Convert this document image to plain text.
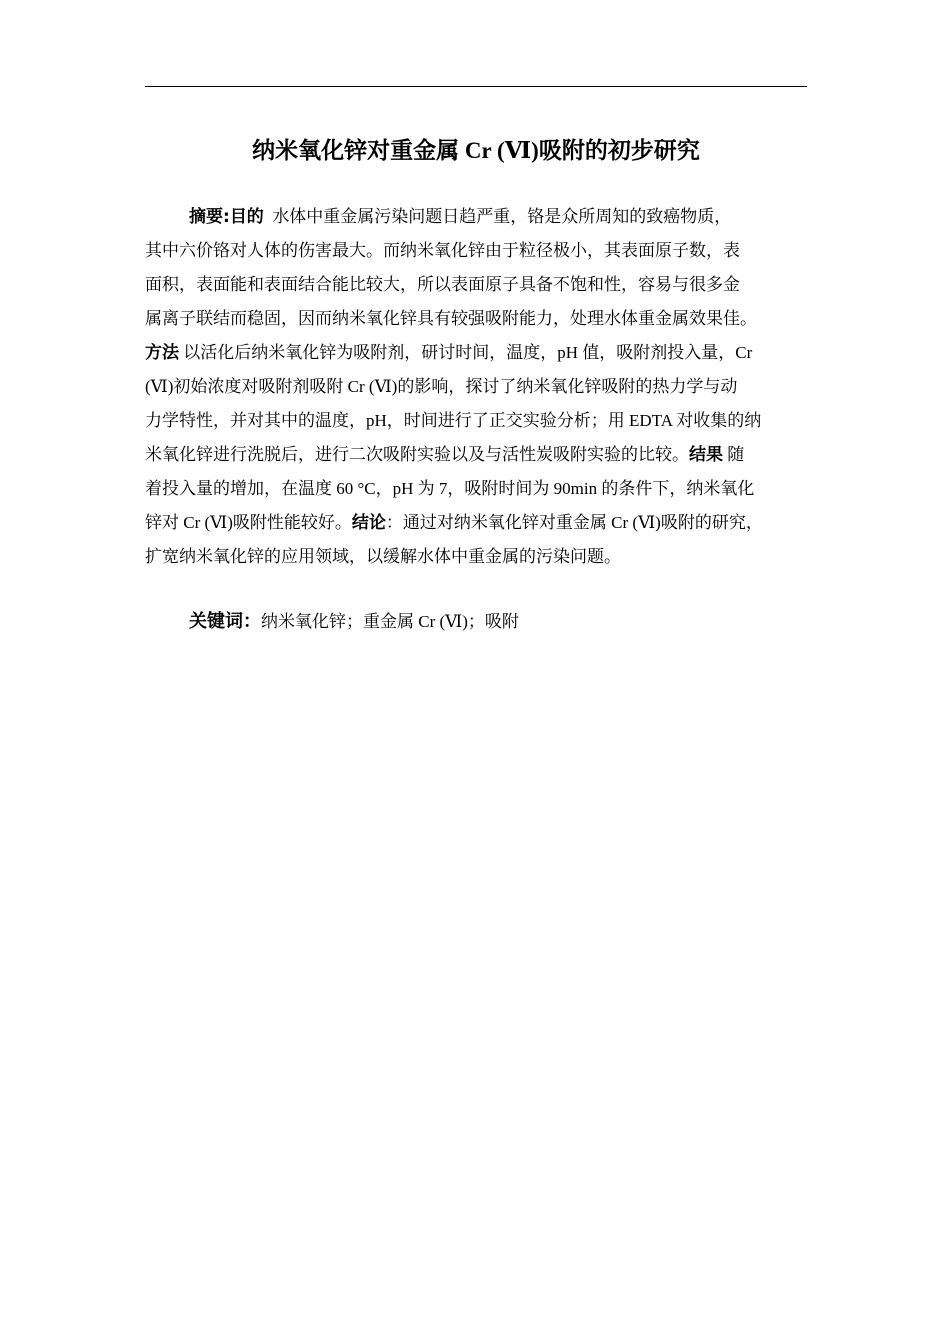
纳米氧化锌对重金属 Cr (Ⅵ)吸附的初步研究
摘要:目的  水体中重金属污染问题日趋严重，铬是众所周知的致癌物质，
其中六价铬对人体的伤害最大。而纳米氧化锌由于粒径极小，其表面原子数，表
面积，表面能和表面结合能比较大，所以表面原子具备不饱和性，容易与很多金
属离子联结而稳固，因而纳米氧化锌具有较强吸附能力，处理水体重金属效果佳。
方法 以活化后纳米氧化锌为吸附剂，研讨时间，温度，pH 值，吸附剂投入量，Cr
(Ⅵ)初始浓度对吸附剂吸附 Cr (Ⅵ)的影响，探讨了纳米氧化锌吸附的热力学与动
力学特性，并对其中的温度，pH，时间进行了正交实验分析；用 EDTA 对收集的纳
米氧化锌进行洗脱后，进行二次吸附实验以及与活性炭吸附实验的比较。结果 随
着投入量的增加，在温度 60 °C，pH 为 7，吸附时间为 90min 的条件下，纳米氧化
锌对 Cr (Ⅵ)吸附性能较好。结论：通过对纳米氧化锌对重金属 Cr (Ⅵ)吸附的研究，
扩宽纳米氧化锌的应用领域，以缓解水体中重金属的污染问题。
关键词：纳米氧化锌；重金属 Cr (Ⅵ)；吸附
